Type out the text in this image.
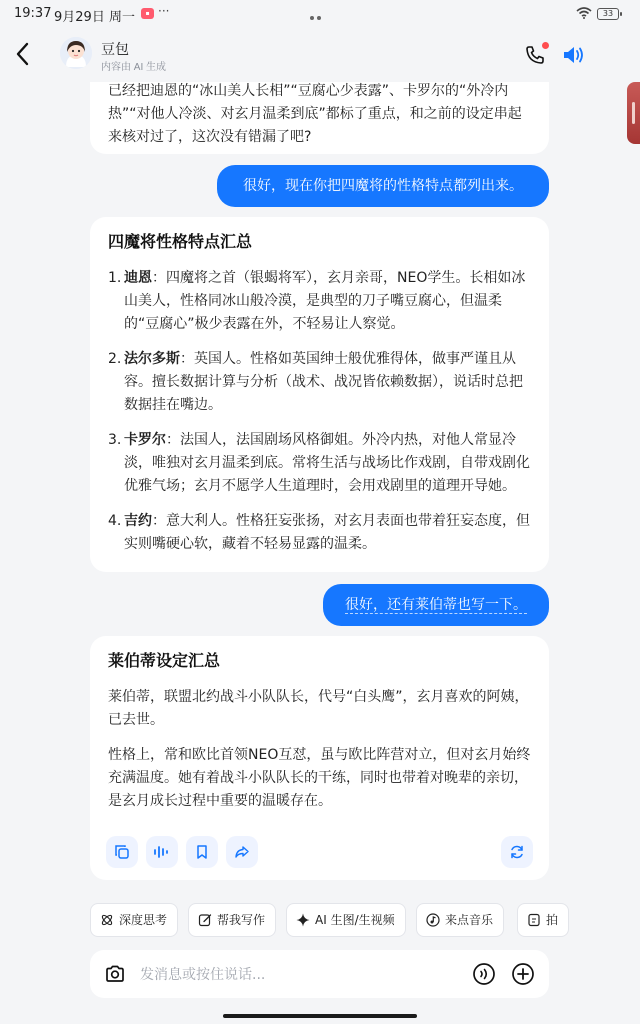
19:37 9月29日 周一	▪ ···	33
豆包
内容由 AI 生成

已经把迪恩的“冰山美人长相”“豆腐心少表露”、卡罗尔的“外冷内热”“对他人冷淡、对玄月温柔到底”都标了重点，和之前的设定串起来核对过了，这次没有错漏了吧?

很好，现在你把四魔将的性格特点都列出来。
四魔将性格特点汇总
1. 迪恩：四魔将之首（银蝎将军），玄月亲哥，NEO学生。长相如冰山美人，性格同冰山般冷漠，是典型的刀子嘴豆腐心，但温柔的“豆腐心”极少表露在外，不轻易让人察觉。
2. 法尔多斯：英国人。性格如英国绅士般优雅得体，做事严谨且从容。擅长数据计算与分析（战术、战况皆依赖数据），说话时总把数据挂在嘴边。
3. 卡罗尔：法国人，法国剧场风格御姐。外冷内热，对他人常显冷淡，唯独对玄月温柔到底。常将生活与战场比作戏剧，自带戏剧化优雅气场；玄月不愿学人生道理时，会用戏剧里的道理开导她。
4. 吉约：意大利人。性格狂妄张扬，对玄月表面也带着狂妄态度，但实则嘴硬心软，藏着不轻易显露的温柔。
很好，还有莱伯蒂也写一下。
莱伯蒂设定汇总

莱伯蒂，联盟北约战斗小队队长，代号“白头鹰”，玄月喜欢的阿姨，已去世。

性格上，常和欧比首领NEO互怼，虽与欧比阵营对立，但对玄月始终充满温度。她有着战斗小队队长的干练，同时也带着对晚辈的亲切，是玄月成长过程中重要的温暖存在。

深度思考	帮我写作	AI 生图/生视频	来点音乐	拍
发消息或按住说话...
